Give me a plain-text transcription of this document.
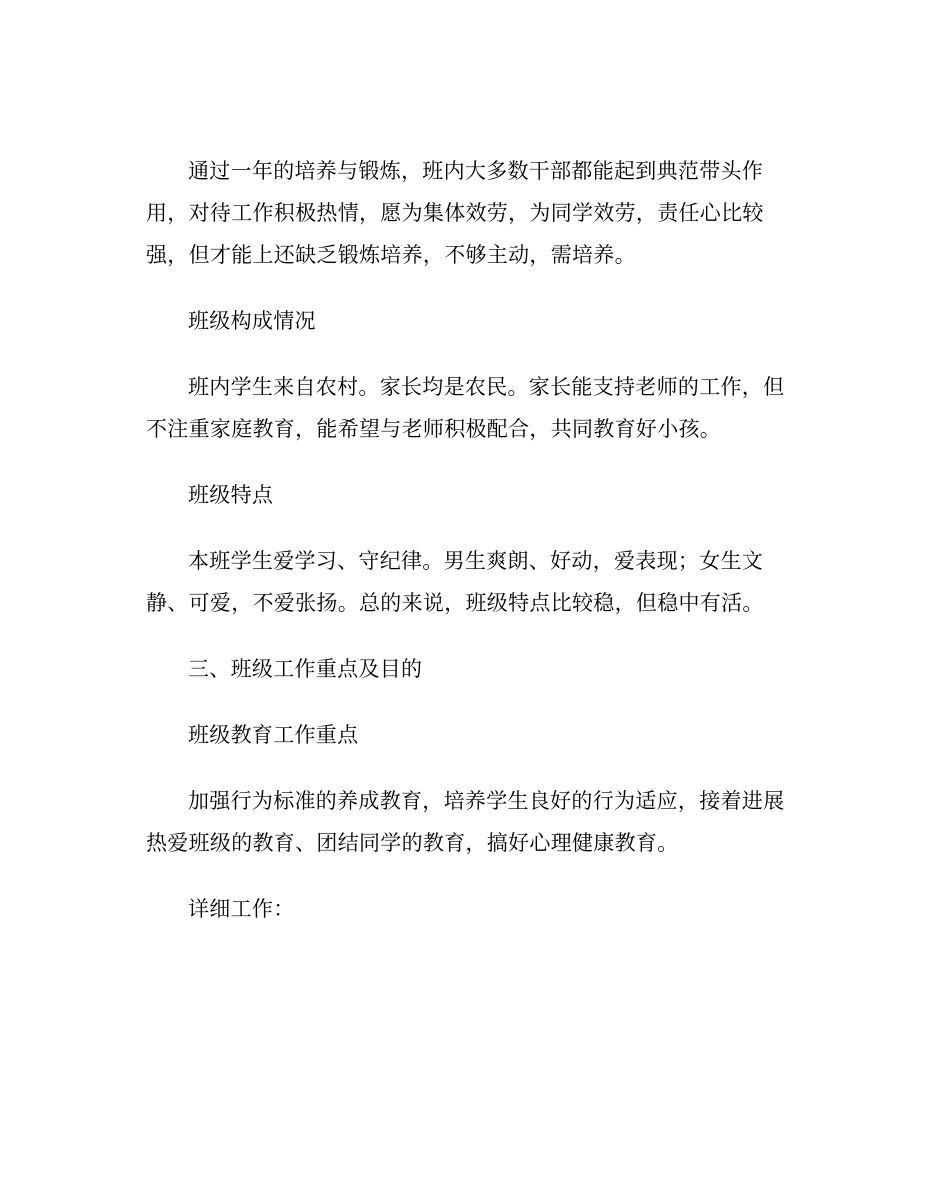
通过一年的培养与锻炼，班内大多数干部都能起到典范带头作
用，对待工作积极热情，愿为集体效劳，为同学效劳，责任心比较
强，但才能上还缺乏锻炼培养，不够主动，需培养。

班级构成情况

班内学生来自农村。家长均是农民。家长能支持老师的工作，但
不注重家庭教育，能希望与老师积极配合，共同教育好小孩。

班级特点

本班学生爱学习、守纪律。男生爽朗、好动，爱表现；女生文
静、可爱，不爱张扬。总的来说，班级特点比较稳，但稳中有活。

三、班级工作重点及目的

班级教育工作重点

加强行为标准的养成教育，培养学生良好的行为适应，接着进展
热爱班级的教育、团结同学的教育，搞好心理健康教育。

详细工作：
